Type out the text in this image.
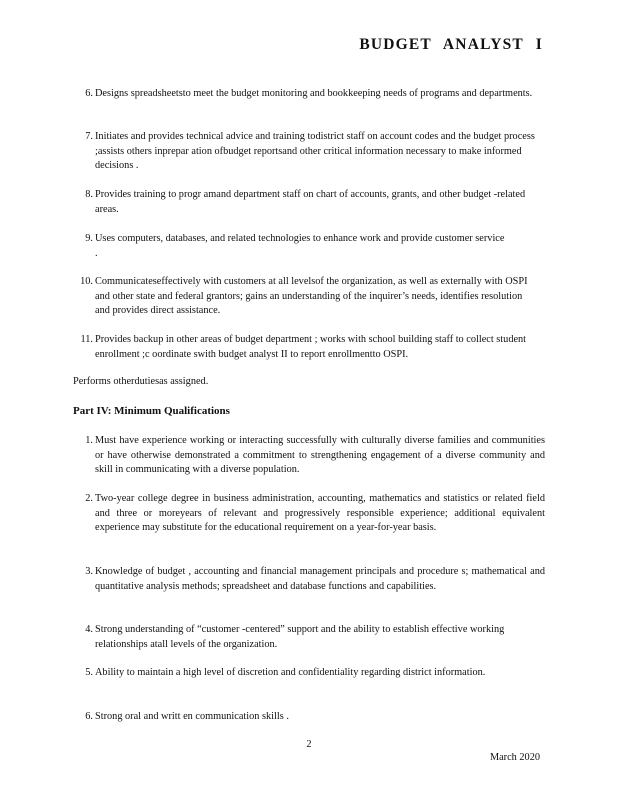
BUDGET ANALYST I
6. Designs spreadsheetsto meet the budget monitoring and bookkeeping needs of programs and departments.
7. Initiates and provides technical advice and training todistrict staff on account codes and the budget process ;assists others inprepar ation ofbudget reportsand other critical information necessary to make informed decisions .
8. Provides training to progr amand department staff on chart of accounts, grants, and other budget -related areas.
9. Uses computers, databases, and related technologies to enhance work and provide customer service .
10. Communicateseffectively with customers at all levelsof the organization, as well as externally with OSPI and other state and federal grantors; gains an understanding of the inquirer’s needs, identifies resolution and provides direct assistance.
11. Provides backup in other areas of budget department ; works with school building staff to collect student enrollment ;c oordinate swith budget analyst II to report enrollmentto OSPI.
Performs otherdutiesas assigned.
Part IV: Minimum Qualifications
1. Must have experience working or interacting successfully with culturally diverse families and communities or have otherwise demonstrated a commitment to strengthening engagement of a diverse community and skill in communicating with a diverse population.
2. Two-year college degree in business administration, accounting, mathematics and statistics or related field and three or moreyears of relevant and progressively responsible experience; additional equivalent experience may substitute for the educational requirement on a year-for-year basis.
3. Knowledge of budget , accounting and financial management principals and procedure s; mathematical and quantitative analysis methods; spreadsheet and database functions and capabilities.
4. Strong understanding of “customer -centered” support and the ability to establish effective working relationships atall levels of the organization.
5. Ability to maintain a high level of discretion and confidentiality regarding district information.
6. Strong oral and writt en communication skills .
2
March 2020
